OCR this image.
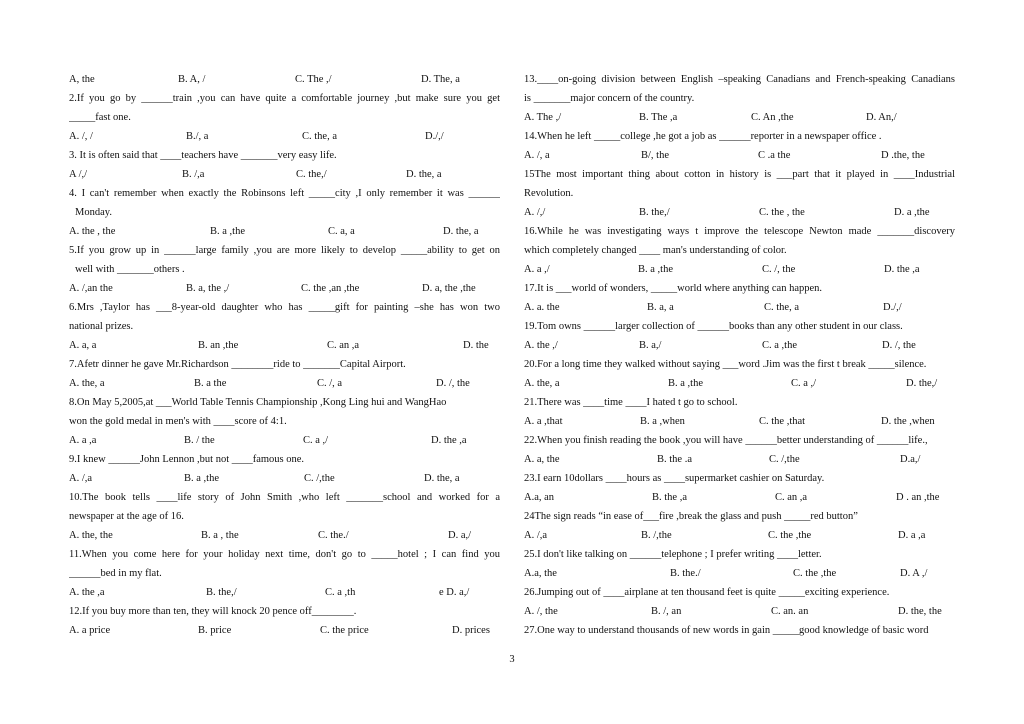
A, the	B. A, /	C. The ,/	D. The, a
2.If you go by ______train ,you can have quite a comfortable journey ,but make sure you get
_____fast one.
A. /, /	B./, a	C. the, a	D./,/
3. It is often said that ____teachers have _______very easy life.
A /,/	B. /,a	C. the,/	D. the, a
4. I can't remember when exactly the Robinsons left _____city ,I only remember it was ______
Monday.
A. the , the	B. a ,the	C. a, a	D. the, a
5.If you grow up in ______large family ,you are more likely to develop _____ability to get on
well with _______others .
A. /,an the	B. a, the ,/	C. the ,an ,the	D. a, the ,the
6.Mrs ,Taylor has ___8-year-old daughter who has _____gift for painting –she has won two
national prizes.
A. a, a	B. an ,the	C. an ,a	D. the
7.Afetr dinner he gave Mr.Richardson ________ride to _______Capital Airport.
A. the, a	B. a the	C. /, a	D. /, the
8.On May 5,2005,at ___World Table Tennis Championship ,Kong Ling hui and WangHao
won the gold medal in men's with ____score of 4:1.
A. a ,a	B. / the	C. a ,/	D. the ,a
9.I knew ______John Lennon ,but not ____famous one.
A. /,a	B. a ,the	C. /,the	D. the, a
10.The book tells ____life story of John Smith ,who left _______school and worked for a
newspaper at the age of 16.
A. the, the	B. a , the	C. the./	D. a,/
11.When you come here for your holiday next time, don't go to _____hotel ; I can find you
______bed in my flat.
A. the ,a	B. the,/	C. a ,th	e D. a,/
12.If you buy more than ten, they will knock 20 pence off________.
A. a price	B. price	C. the price	D. prices
13.____on-going division between English –speaking Canadians and French-speaking Canadians
is _______major concern of the country.
A. The ,/	B. The ,a	C. An ,the	D. An,/
14.When he left _____college ,he got a job as ______reporter in a newspaper office .
A. /, a	B/, the	C .a the	D .the, the
15The most important thing about cotton in history is ___part that it played in ____Industrial
Revolution.
A. /,/	B. the,/	C. the , the	D. a ,the
16.While he was investigating ways t improve the telescope Newton made _______discovery
which completely changed ____ man's understanding of color.
A. a ,/	B. a ,the	C. /, the	D. the ,a
17.It is ___world of wonders, _____world where anything can happen.
A. a. the	B. a, a	C. the, a	D./,/
19.Tom owns ______larger collection of ______books than any other student in our class.
A. the ,/	B. a,/	C. a ,the	D. /, the
20.For a long time they walked without saying ___word .Jim was the first t break _____silence.
A. the, a	B. a ,the	C. a ,/	D. the,/
21.There was ____time ____I hated t go to school.
A. a ,that	B. a ,when	C. the ,that	D. the ,when
22.When you finish reading the book ,you will have ______better understanding of ______life.,
A. a, the	B. the .a	C. /,the	D.a,/
23.I earn 10dollars ____hours as ____supermarket cashier on Saturday.
A.a, an	B. the ,a	C. an ,a	D . an ,the
24The sign reads “in ease of___fire ,break the glass and push _____red button”
A. /,a	B. /,the	C. the ,the	D. a ,a
25.I don't like talking on ______telephone ; I prefer writing ____letter.
A.a, the	B. the./	C. the ,the	D. A ,/
26.Jumping out of ____airplane at ten thousand feet is quite _____exciting experience.
A. /, the	B. /, an	C. an. an	D. the, the
27.One way to understand thousands of new words in gain _____good knowledge of basic word
3
